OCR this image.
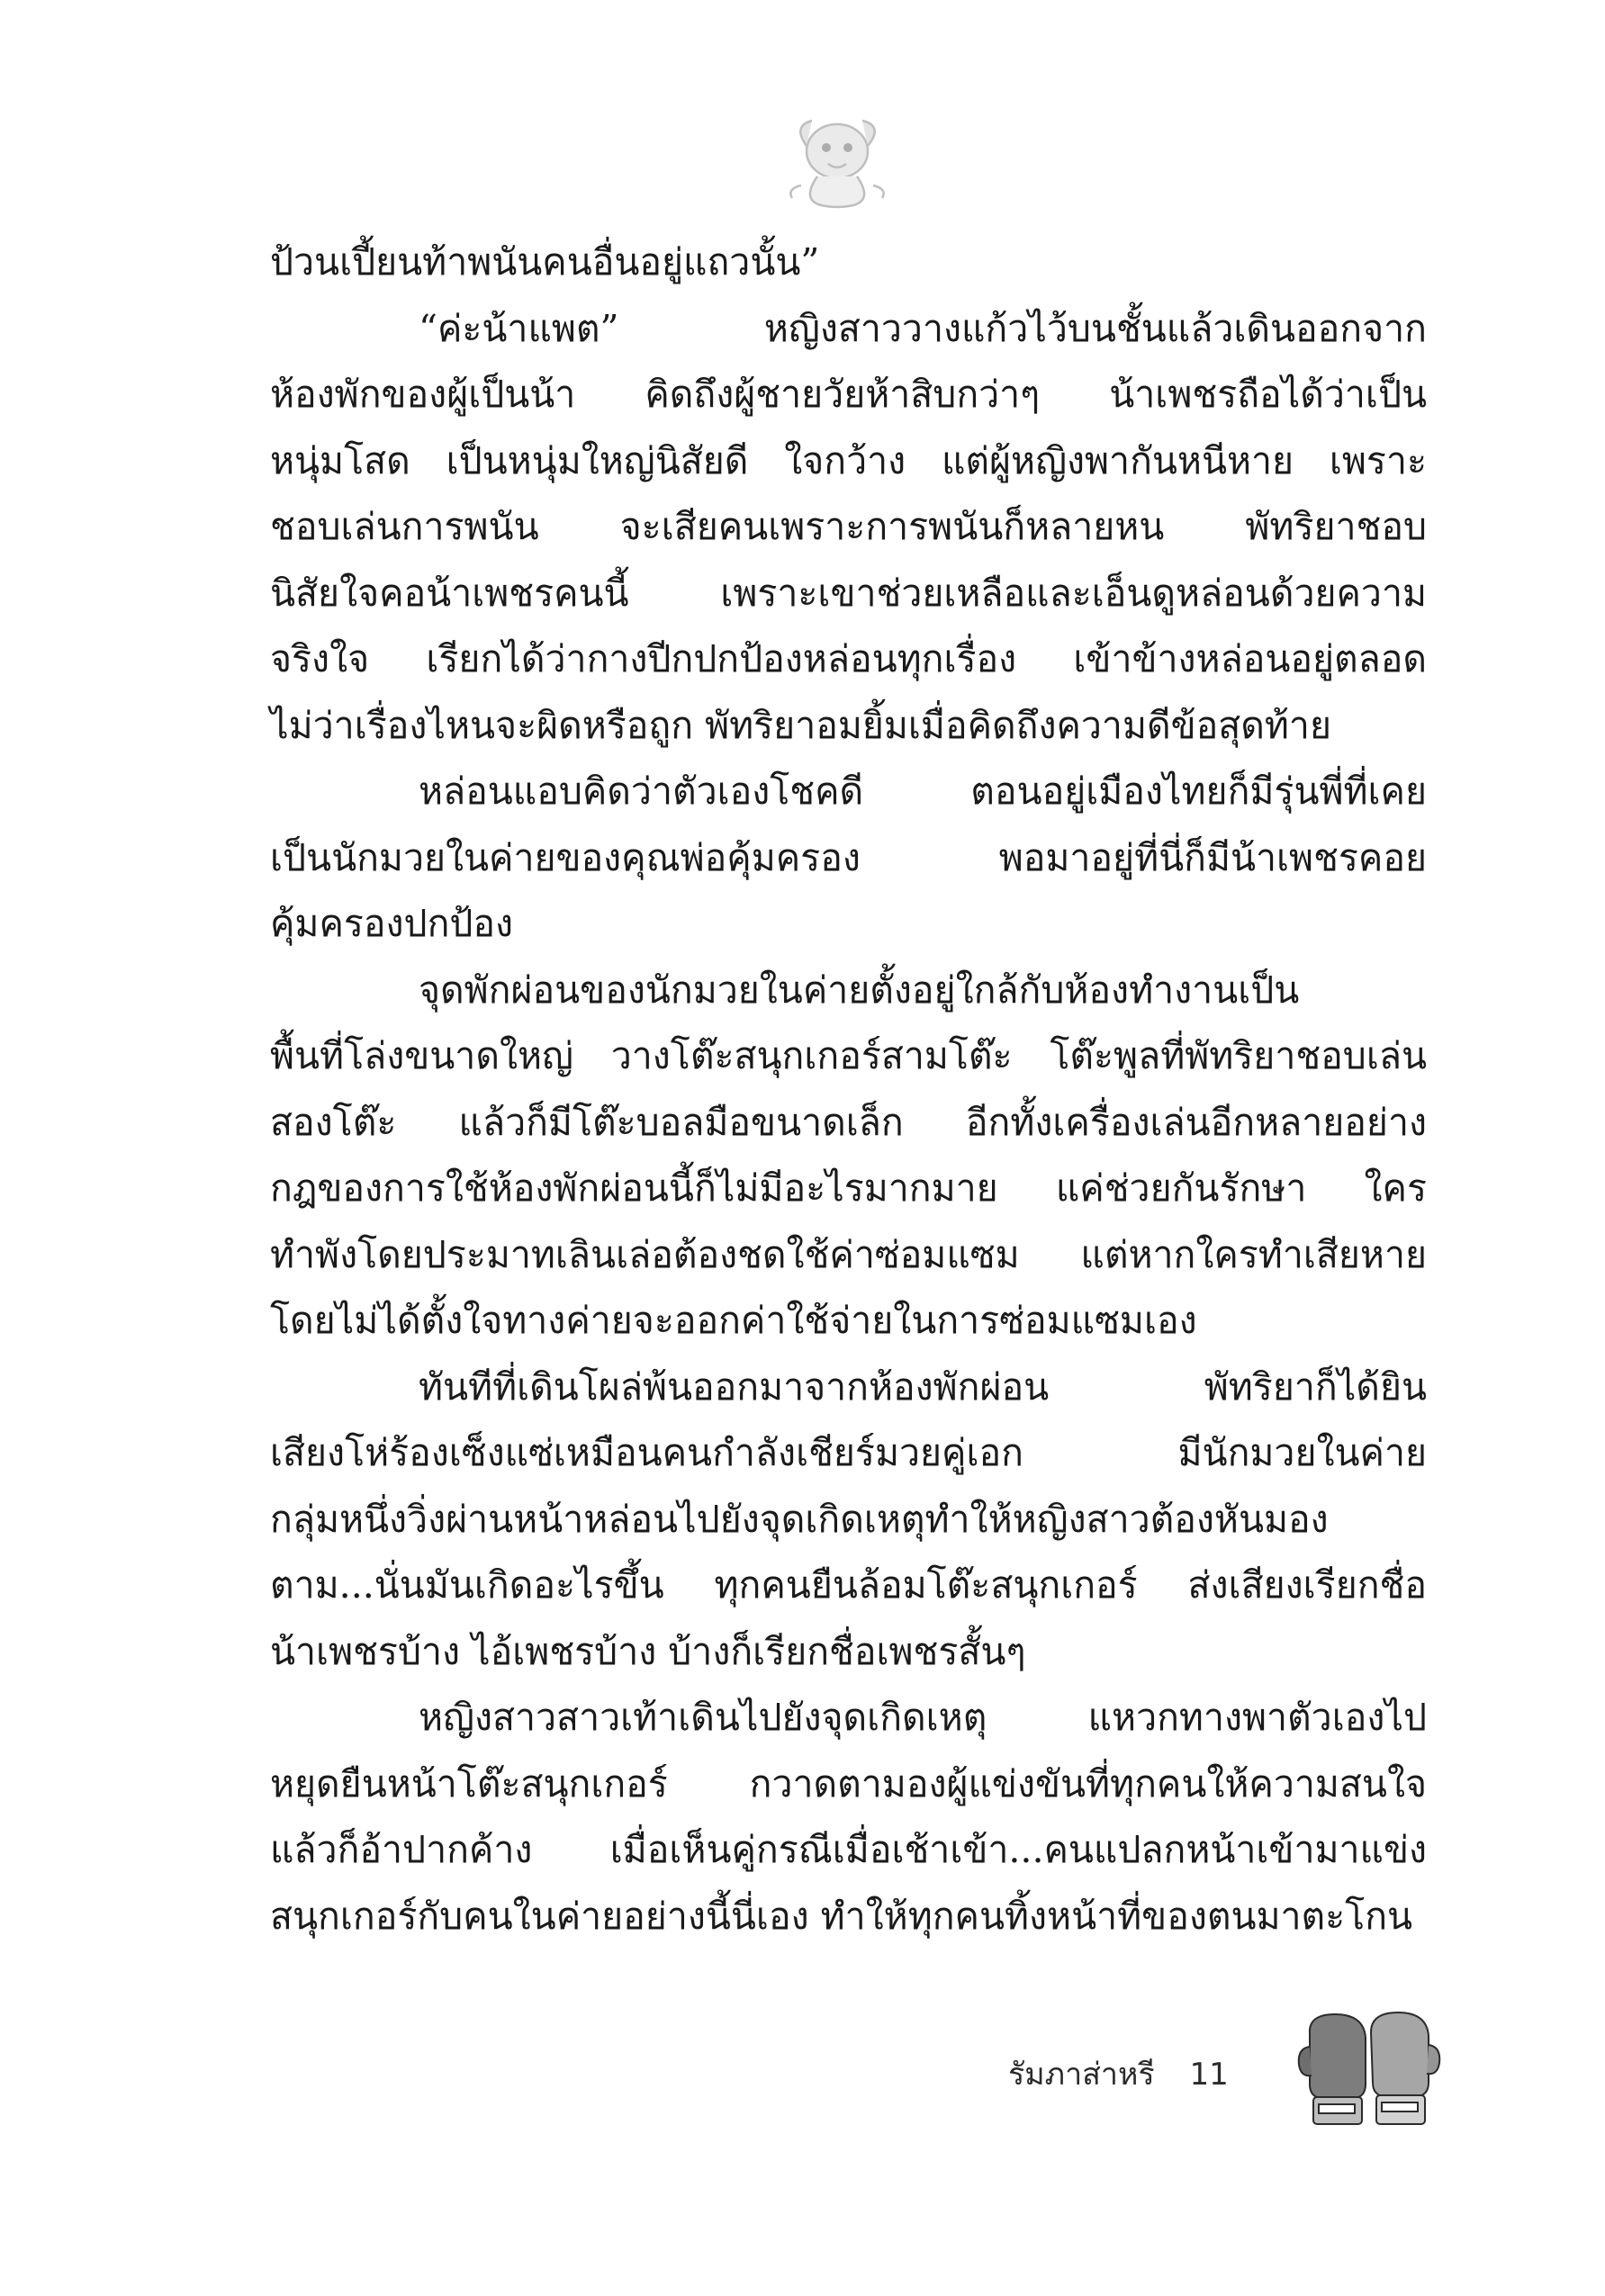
ป้วนเปี้ยนท้าพนันคนอื่นอยู่แถวนั้น”
“ค่ะน้าแพต” หญิงสาววางแก้วไว้บนชั้นแล้วเดินออกจาก
ห้องพักของผู้เป็นน้า คิดถึงผู้ชายวัยห้าสิบกว่าๆ น้าเพชรถือได้ว่าเป็น
หนุ่มโสด เป็นหนุ่มใหญ่นิสัยดี ใจกว้าง แต่ผู้หญิงพากันหนีหาย เพราะ
ชอบเล่นการพนัน จะเสียคนเพราะการพนันก็หลายหน พัทริยาชอบ
นิสัยใจคอน้าเพชรคนนี้ เพราะเขาช่วยเหลือและเอ็นดูหล่อนด้วยความ
จริงใจ เรียกได้ว่ากางปีกปกป้องหล่อนทุกเรื่อง เข้าข้างหล่อนอยู่ตลอด
ไม่ว่าเรื่องไหนจะผิดหรือถูก พัทริยาอมยิ้มเมื่อคิดถึงความดีข้อสุดท้าย
หล่อนแอบคิดว่าตัวเองโชคดี ตอนอยู่เมืองไทยก็มีรุ่นพี่ที่เคย
เป็นนักมวยในค่ายของคุณพ่อคุ้มครอง พอมาอยู่ที่นี่ก็มีน้าเพชรคอย
คุ้มครองปกป้อง
จุดพักผ่อนของนักมวยในค่ายตั้งอยู่ใกล้กับห้องทำงานเป็น
พื้นที่โล่งขนาดใหญ่ วางโต๊ะสนุกเกอร์สามโต๊ะ โต๊ะพูลที่พัทริยาชอบเล่น
สองโต๊ะ แล้วก็มีโต๊ะบอลมือขนาดเล็ก อีกทั้งเครื่องเล่นอีกหลายอย่าง
กฎของการใช้ห้องพักผ่อนนี้ก็ไม่มีอะไรมากมาย แค่ช่วยกันรักษา ใคร
ทำพังโดยประมาทเลินเล่อต้องชดใช้ค่าซ่อมแซม แต่หากใครทำเสียหาย
โดยไม่ได้ตั้งใจทางค่ายจะออกค่าใช้จ่ายในการซ่อมแซมเอง
ทันทีที่เดินโผล่พ้นออกมาจากห้องพักผ่อน พัทริยาก็ได้ยิน
เสียงโห่ร้องเซ็งแซ่เหมือนคนกำลังเชียร์มวยคู่เอก มีนักมวยในค่าย
กลุ่มหนึ่งวิ่งผ่านหน้าหล่อนไปยังจุดเกิดเหตุทำให้หญิงสาวต้องหันมอง
ตาม...นั่นมันเกิดอะไรขึ้น ทุกคนยืนล้อมโต๊ะสนุกเกอร์ ส่งเสียงเรียกชื่อ
น้าเพชรบ้าง ไอ้เพชรบ้าง บ้างก็เรียกชื่อเพชรสั้นๆ
หญิงสาวสาวเท้าเดินไปยังจุดเกิดเหตุ แหวกทางพาตัวเองไป
หยุดยืนหน้าโต๊ะสนุกเกอร์ กวาดตามองผู้แข่งขันที่ทุกคนให้ความสนใจ
แล้วก็อ้าปากค้าง เมื่อเห็นคู่กรณีเมื่อเช้าเข้า...คนแปลกหน้าเข้ามาแข่ง
สนุกเกอร์กับคนในค่ายอย่างนี้นี่เอง ทำให้ทุกคนทิ้งหน้าที่ของตนมาตะโกน
รัมภาส่าหรี 11
